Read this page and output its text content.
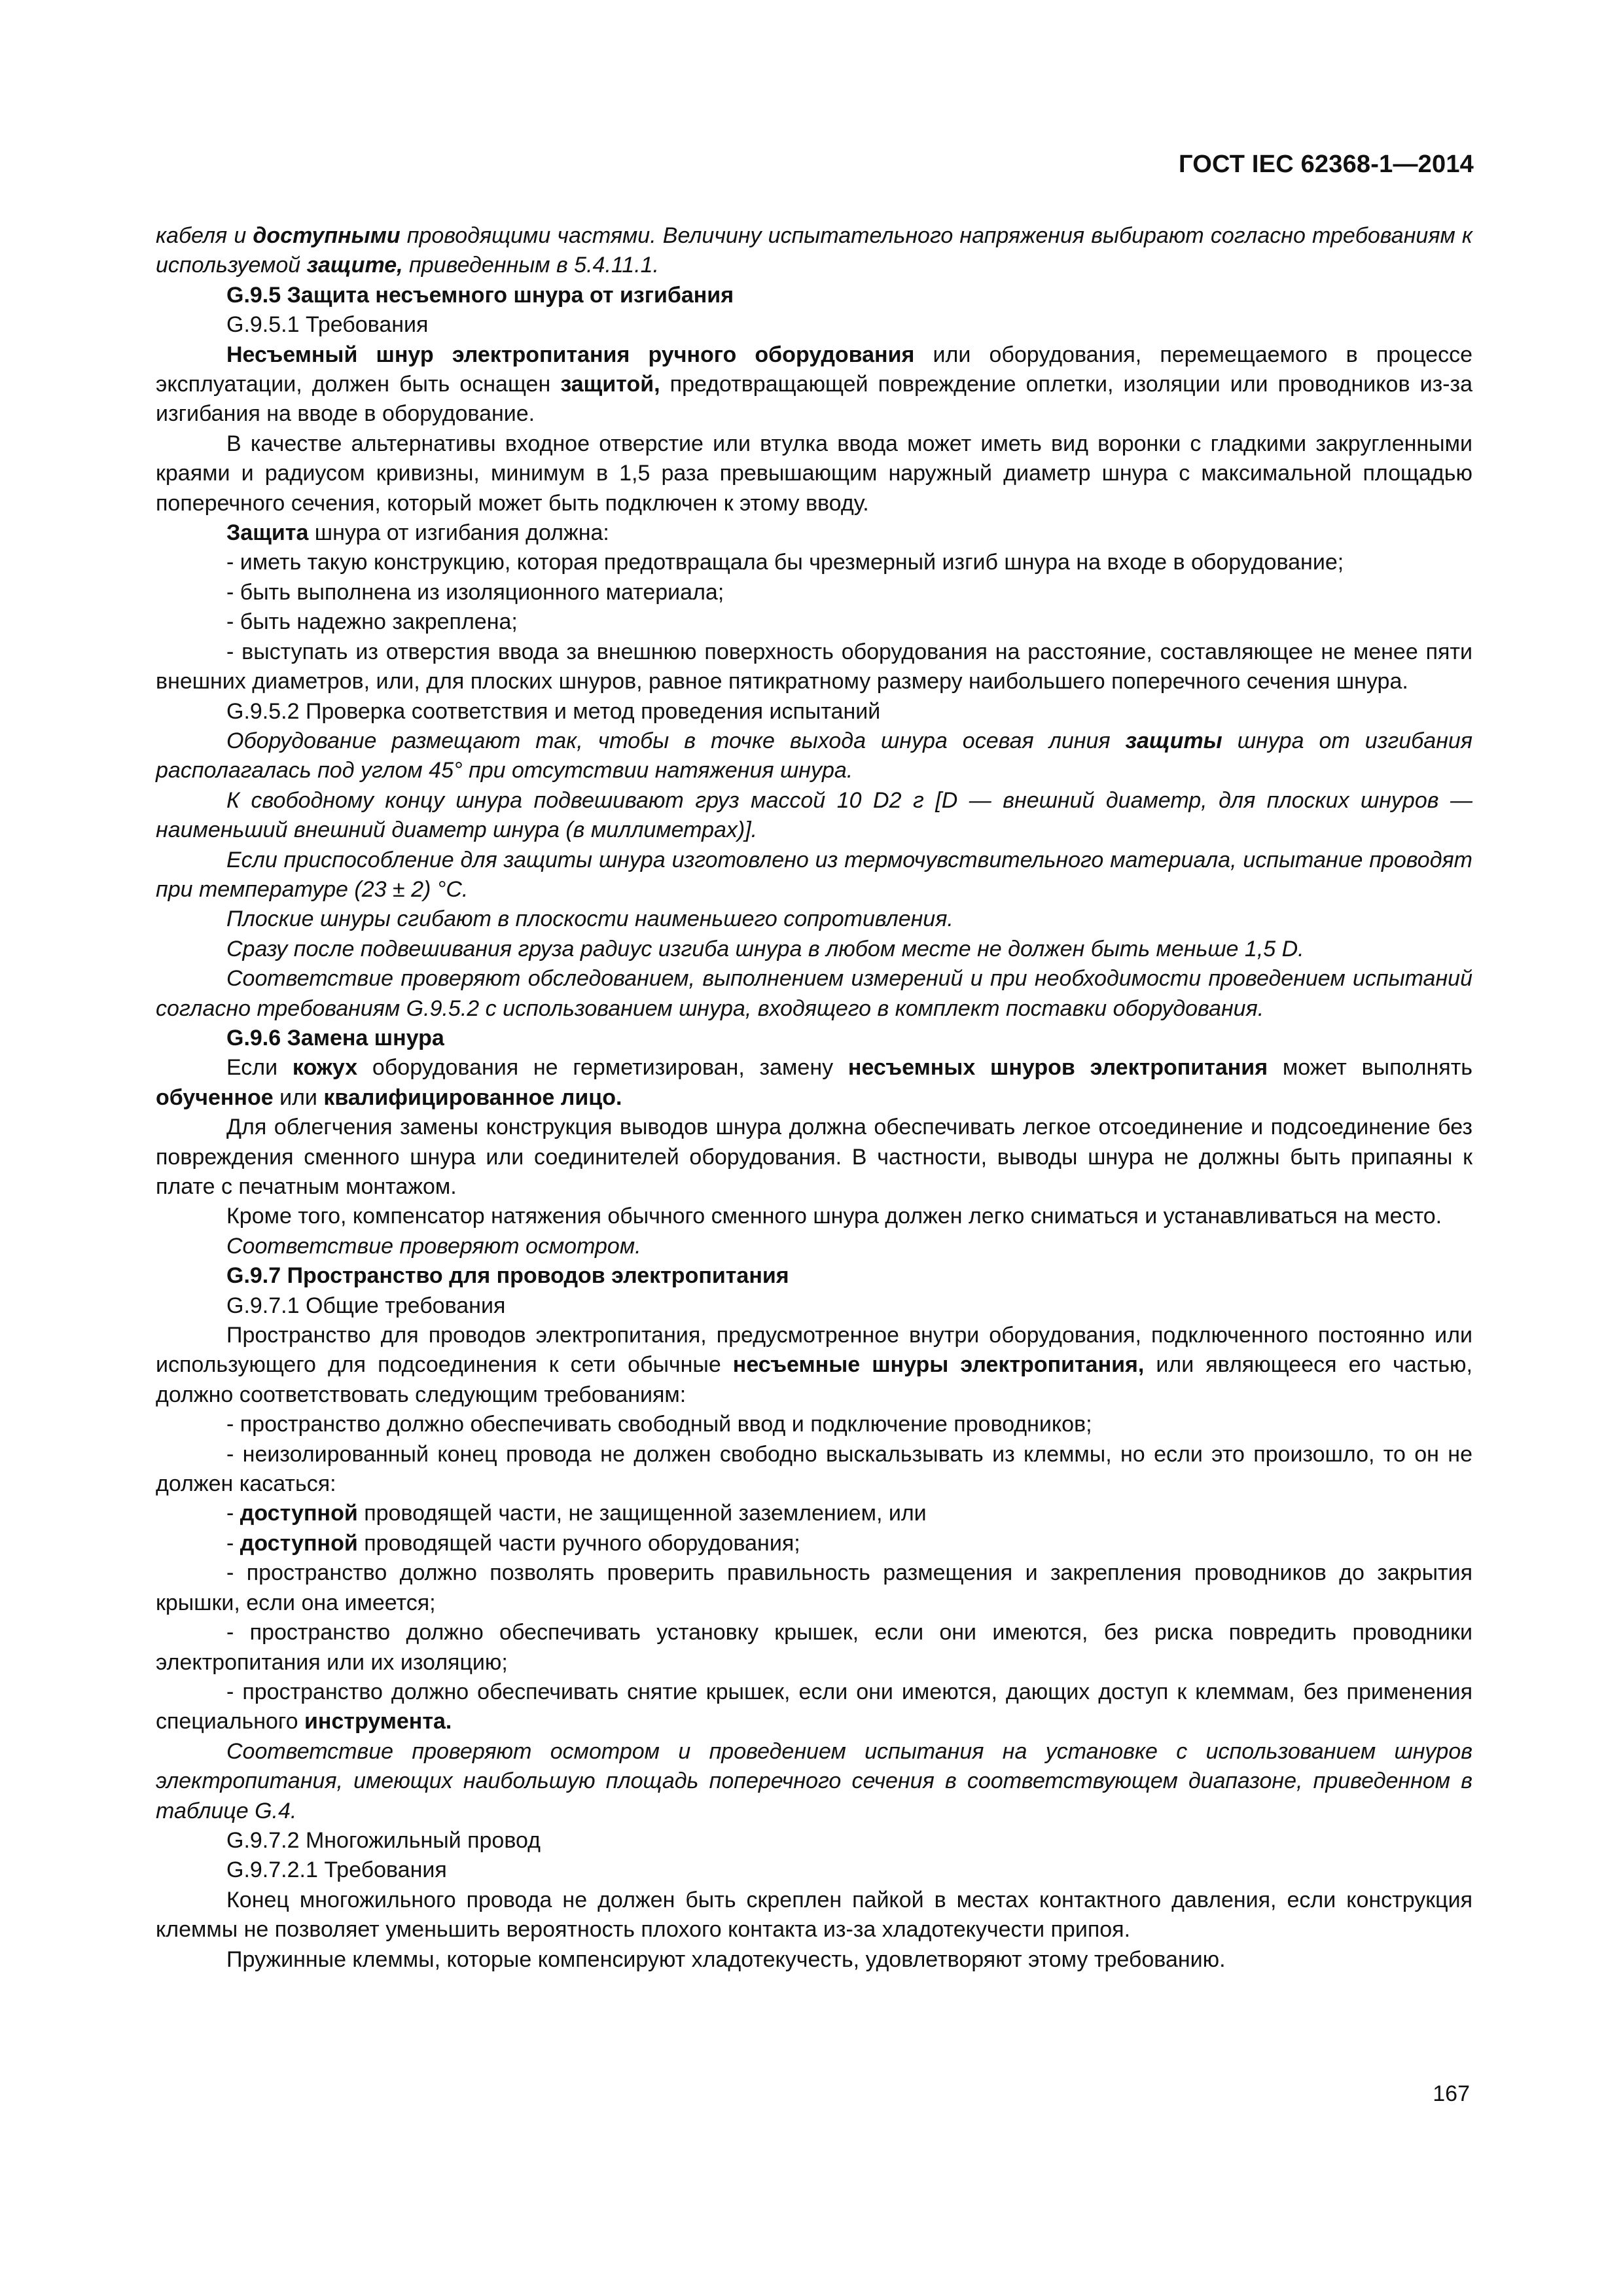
ГОСТ IEC 62368-1—2014

кабеля и доступными проводящими частями. Величину испытательного напряжения выбирают согласно требованиям к используемой защите, приведенным в 5.4.11.1.

G.9.5 Защита несъемного шнура от изгибания

G.9.5.1 Требования

Несъемный шнур электропитания ручного оборудования или оборудования, перемещаемого в процессе эксплуатации, должен быть оснащен защитой, предотвращающей повреждение оплетки, изоляции или проводников из-за изгибания на вводе в оборудование.

В качестве альтернативы входное отверстие или втулка ввода может иметь вид воронки с гладкими закругленными краями и радиусом кривизны, минимум в 1,5 раза превышающим наружный диаметр шнура с максимальной площадью поперечного сечения, который может быть подключен к этому вводу.

Защита шнура от изгибания должна:

- иметь такую конструкцию, которая предотвращала бы чрезмерный изгиб шнура на входе в оборудование;

- быть выполнена из изоляционного материала;

- быть надежно закреплена;

- выступать из отверстия ввода за внешнюю поверхность оборудования на расстояние, составляющее не менее пяти внешних диаметров, или, для плоских шнуров, равное пятикратному размеру наибольшего поперечного сечения шнура.

G.9.5.2 Проверка соответствия и метод проведения испытаний

Оборудование размещают так, чтобы в точке выхода шнура осевая линия защиты шнура от изгибания располагалась под углом 45° при отсутствии натяжения шнура.

К свободному концу шнура подвешивают груз массой 10 D2 г [D — внешний диаметр, для плоских шнуров — наименьший внешний диаметр шнура (в миллиметрах)].

Если приспособление для защиты шнура изготовлено из термочувствительного материала, испытание проводят при температуре (23 ± 2) °С.

Плоские шнуры сгибают в плоскости наименьшего сопротивления.

Сразу после подвешивания груза радиус изгиба шнура в любом месте не должен быть меньше 1,5 D.

Соответствие проверяют обследованием, выполнением измерений и при необходимости проведением испытаний согласно требованиям G.9.5.2 с использованием шнура, входящего в комплект поставки оборудования.

G.9.6 Замена шнура

Если кожух оборудования не герметизирован, замену несъемных шнуров электропитания может выполнять обученное или квалифицированное лицо.

Для облегчения замены конструкция выводов шнура должна обеспечивать легкое отсоединение и подсоединение без повреждения сменного шнура или соединителей оборудования. В частности, выводы шнура не должны быть припаяны к плате с печатным монтажом.

Кроме того, компенсатор натяжения обычного сменного шнура должен легко сниматься и устанавливаться на место.

Соответствие проверяют осмотром.

G.9.7 Пространство для проводов электропитания

G.9.7.1 Общие требования

Пространство для проводов электропитания, предусмотренное внутри оборудования, подключенного постоянно или использующего для подсоединения к сети обычные несъемные шнуры электропитания, или являющееся его частью, должно соответствовать следующим требованиям:

- пространство должно обеспечивать свободный ввод и подключение проводников;

- неизолированный конец провода не должен свободно выскальзывать из клеммы, но если это произошло, то он не должен касаться:

- доступной проводящей части, не защищенной заземлением, или

- доступной проводящей части ручного оборудования;

- пространство должно позволять проверить правильность размещения и закрепления проводников до закрытия крышки, если она имеется;

- пространство должно обеспечивать установку крышек, если они имеются, без риска повредить проводники электропитания или их изоляцию;

- пространство должно обеспечивать снятие крышек, если они имеются, дающих доступ к клеммам, без применения специального инструмента.

Соответствие проверяют осмотром и проведением испытания на установке с использованием шнуров электропитания, имеющих наибольшую площадь поперечного сечения в соответствующем диапазоне, приведенном в таблице G.4.

G.9.7.2 Многожильный провод

G.9.7.2.1 Требования

Конец многожильного провода не должен быть скреплен пайкой в местах контактного давления, если конструкция клеммы не позволяет уменьшить вероятность плохого контакта из-за хладотекучести припоя.

Пружинные клеммы, которые компенсируют хладотекучесть, удовлетворяют этому требованию.

167
